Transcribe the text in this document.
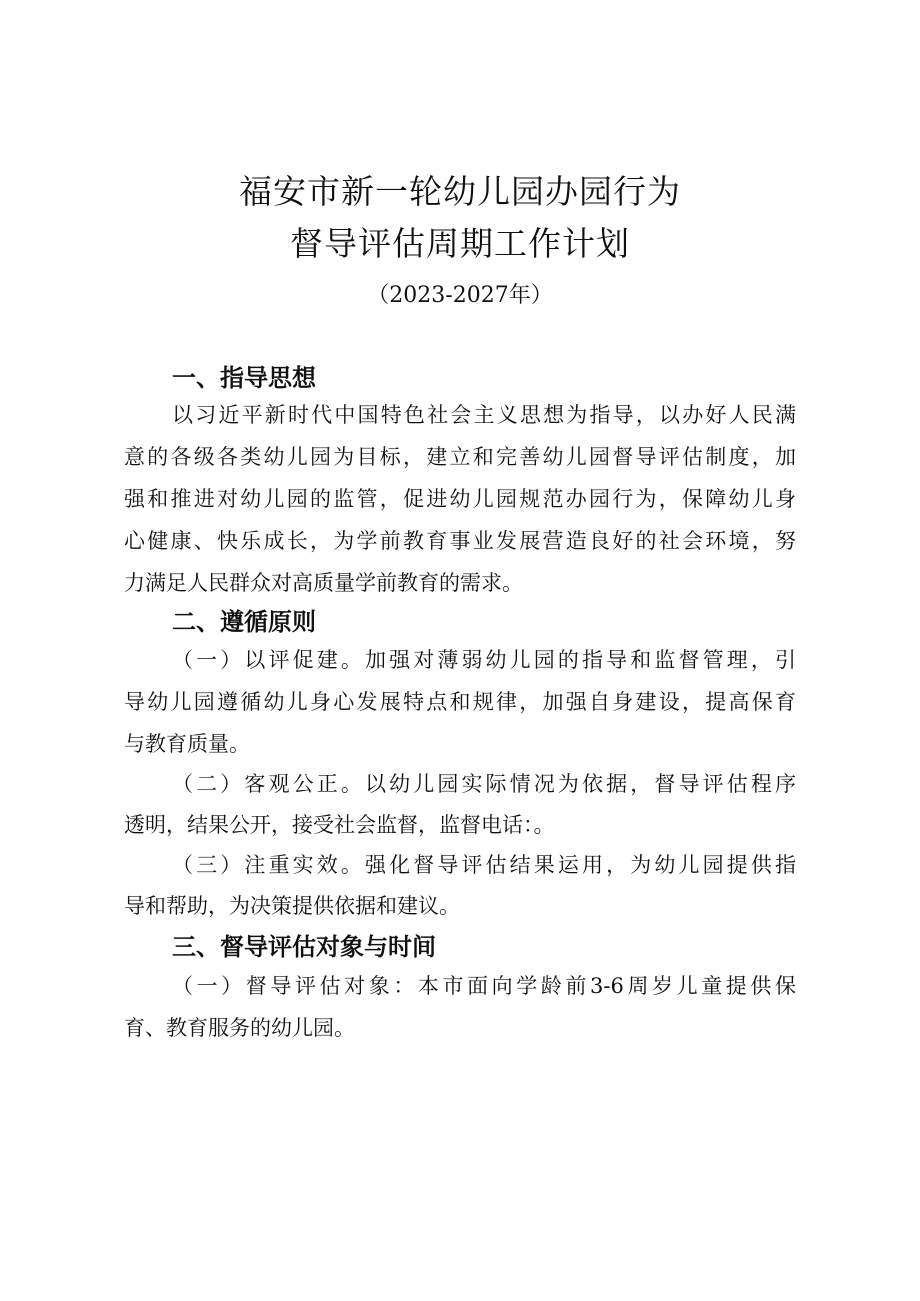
福安市新一轮幼儿园办园行为
督导评估周期工作计划
（2023-2027年）
一、指导思想
以习近平新时代中国特色社会主义思想为指导，以办好人民满
意的各级各类幼儿园为目标，建立和完善幼儿园督导评估制度，加
强和推进对幼儿园的监管，促进幼儿园规范办园行为，保障幼儿身
心健康、快乐成长，为学前教育事业发展营造良好的社会环境，努
力满足人民群众对高质量学前教育的需求。
二、遵循原则
（一）以评促建。加强对薄弱幼儿园的指导和监督管理，引
导幼儿园遵循幼儿身心发展特点和规律，加强自身建设，提高保育
与教育质量。
（二）客观公正。以幼儿园实际情况为依据，督导评估程序
透明，结果公开，接受社会监督，监督电话：。
（三）注重实效。强化督导评估结果运用，为幼儿园提供指
导和帮助，为决策提供依据和建议。
三、督导评估对象与时间
（一）督导评估对象：本市面向学龄前3-6周岁儿童提供保
育、教育服务的幼儿园。
